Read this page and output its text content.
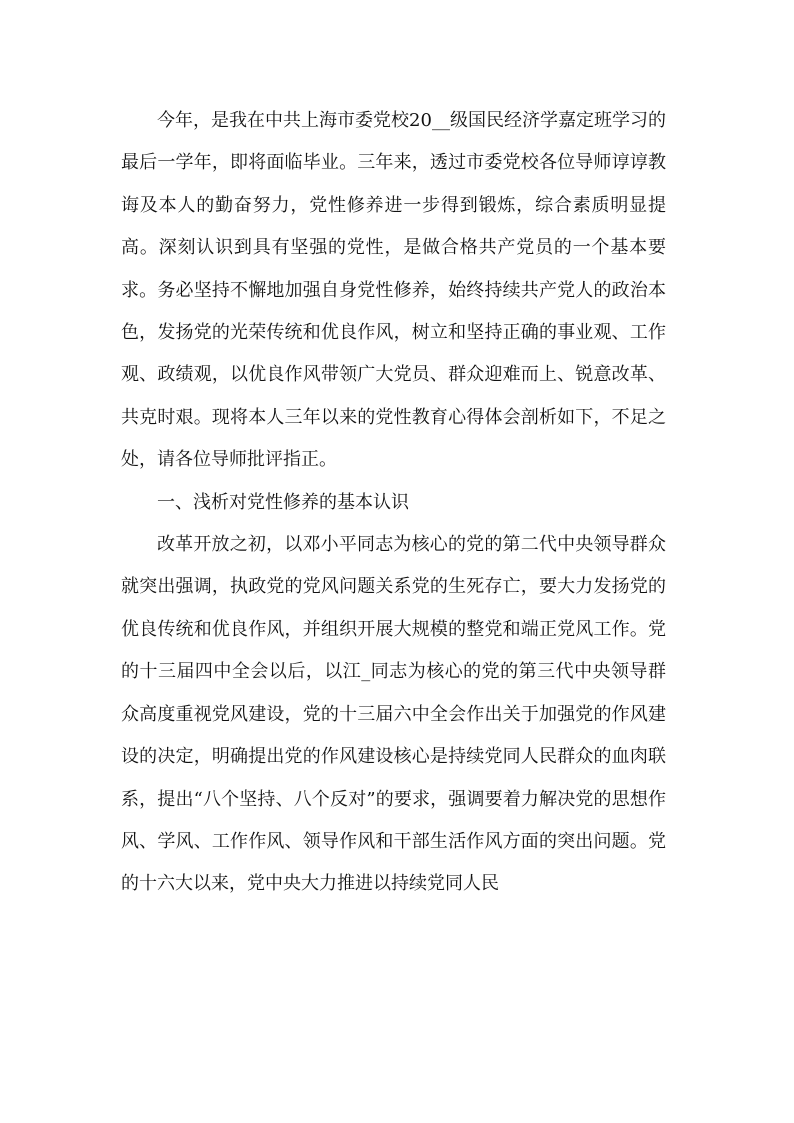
今年，是我在中共上海市委党校20__级国民经济学嘉定班学习的最后一学年，即将面临毕业。三年来，透过市委党校各位导师谆谆教诲及本人的勤奋努力，党性修养进一步得到锻炼，综合素质明显提高。深刻认识到具有坚强的党性，是做合格共产党员的一个基本要求。务必坚持不懈地加强自身党性修养，始终持续共产党人的政治本色，发扬党的光荣传统和优良作风，树立和坚持正确的事业观、工作观、政绩观，以优良作风带领广大党员、群众迎难而上、锐意改革、共克时艰。现将本人三年以来的党性教育心得体会剖析如下，不足之处，请各位导师批评指正。

一、浅析对党性修养的基本认识

改革开放之初，以邓小平同志为核心的党的第二代中央领导群众就突出强调，执政党的党风问题关系党的生死存亡，要大力发扬党的优良传统和优良作风，并组织开展大规模的整党和端正党风工作。党的十三届四中全会以后，以江_同志为核心的党的第三代中央领导群众高度重视党风建设，党的十三届六中全会作出关于加强党的作风建设的决定，明确提出党的作风建设核心是持续党同人民群众的血肉联系，提出“八个坚持、八个反对”的要求，强调要着力解决党的思想作风、学风、工作作风、领导作风和干部生活作风方面的突出问题。党的十六大以来，党中央大力推进以持续党同人民
